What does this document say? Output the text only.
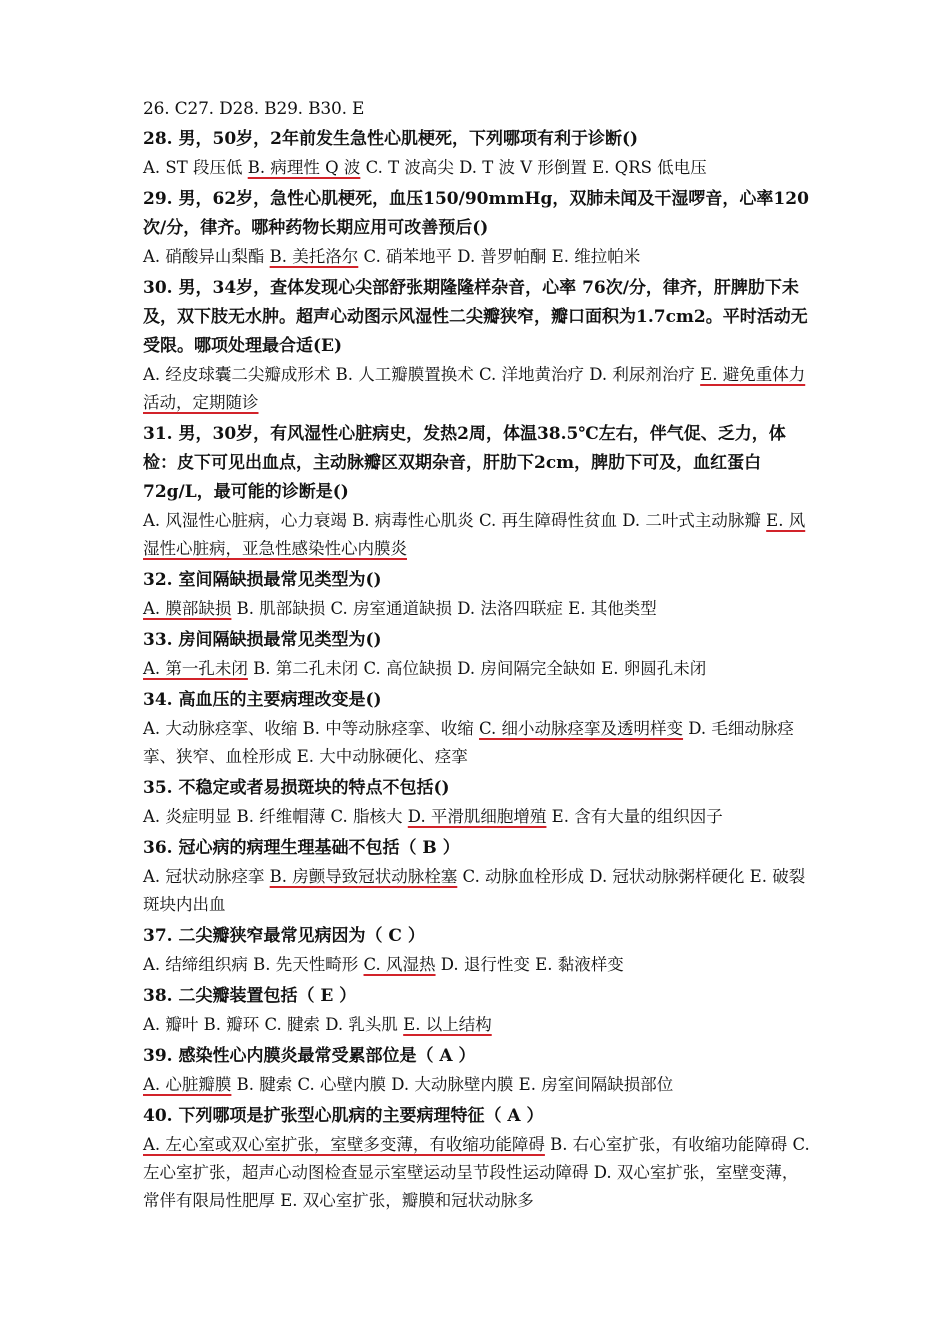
26. C27. D28. B29. B30. E
28. 男，50岁，2年前发生急性心肌梗死，下列哪项有利于诊断()
A. ST 段压低 B. 病理性 Q 波 C. T 波高尖 D. T 波 V 形倒置 E. QRS 低电压
29. 男，62岁，急性心肌梗死，血压150/90mmHg，双肺未闻及干湿啰音，心率120次/分，律齐。哪种药物长期应用可改善预后()
A. 硝酸异山梨酯 B. 美托洛尔 C. 硝苯地平 D. 普罗帕酮 E. 维拉帕米
30. 男，34岁，查体发现心尖部舒张期隆隆样杂音，心率 76次/分，律齐，肝脾肋下未及，双下肢无水肿。超声心动图示风湿性二尖瓣狭窄，瓣口面积为1.7cm2。平时活动无受限。哪项处理最合适(E)
A. 经皮球囊二尖瓣成形术 B. 人工瓣膜置换术 C. 洋地黄治疗 D. 利尿剂治疗 E. 避免重体力活动，定期随诊
31. 男，30岁，有风湿性心脏病史，发热2周，体温38.5℃左右，伴气促、乏力，体检：皮下可见出血点，主动脉瓣区双期杂音，肝肋下2cm，脾肋下可及，血红蛋白72g/L，最可能的诊断是()
A. 风湿性心脏病，心力衰竭 B. 病毒性心肌炎 C. 再生障碍性贫血 D. 二叶式主动脉瓣 E. 风湿性心脏病，亚急性感染性心内膜炎
32. 室间隔缺损最常见类型为()
A. 膜部缺损 B. 肌部缺损 C. 房室通道缺损 D. 法洛四联症 E. 其他类型
33. 房间隔缺损最常见类型为()
A. 第一孔未闭 B. 第二孔未闭 C. 高位缺损 D. 房间隔完全缺如 E. 卵圆孔未闭
34. 高血压的主要病理改变是()
A. 大动脉痉挛、收缩 B. 中等动脉痉挛、收缩 C. 细小动脉痉挛及透明样变 D. 毛细动脉痉挛、狭窄、血栓形成 E. 大中动脉硬化、痉挛
35. 不稳定或者易损斑块的特点不包括()
A. 炎症明显 B. 纤维帽薄 C. 脂核大 D. 平滑肌细胞增殖 E. 含有大量的组织因子
36. 冠心病的病理生理基础不包括（ B ）
A. 冠状动脉痉挛 B. 房颤导致冠状动脉栓塞 C. 动脉血栓形成 D. 冠状动脉粥样硬化 E. 破裂斑块内出血
37. 二尖瓣狭窄最常见病因为（ C ）
A. 结缔组织病 B. 先天性畸形 C. 风湿热 D. 退行性变 E. 黏液样变
38. 二尖瓣装置包括（ E ）
A. 瓣叶 B. 瓣环 C. 腱索 D. 乳头肌 E. 以上结构
39. 感染性心内膜炎最常受累部位是（ A ）
A. 心脏瓣膜 B. 腱索 C. 心壁内膜 D. 大动脉壁内膜 E. 房室间隔缺损部位
40. 下列哪项是扩张型心肌病的主要病理特征（ A ）
A. 左心室或双心室扩张，室壁多变薄，有收缩功能障碍 B. 右心室扩张，有收缩功能障碍 C. 左心室扩张，超声心动图检查显示室壁运动呈节段性运动障碍 D. 双心室扩张，室壁变薄，常伴有限局性肥厚 E. 双心室扩张，瓣膜和冠状动脉多
